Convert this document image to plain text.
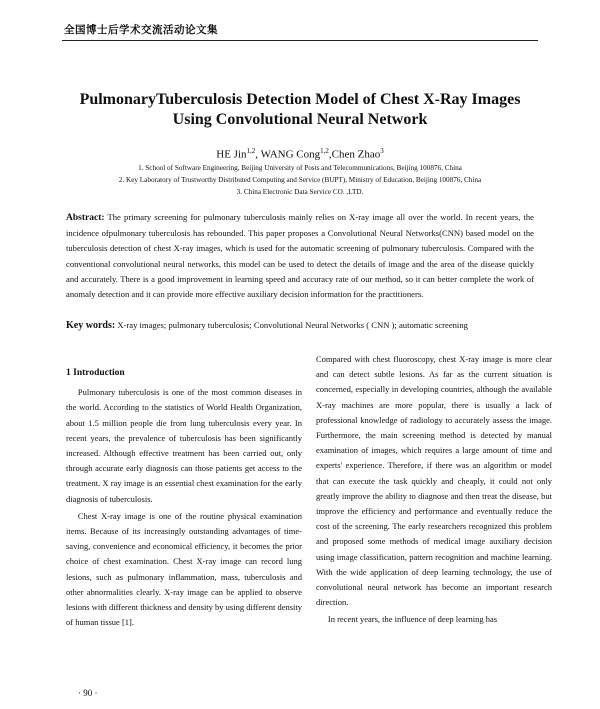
全国博士后学术交流活动论文集
PulmonaryTuberculosis Detection Model of Chest X-Ray Images
Using Convolutional Neural Network
HE Jin$^{1,2}$, WANG Cong$^{1,2}$,Chen Zhao$^3$
1. School of Software Engineering, Beijing University of Posts and Telecommunications, Beijing 100876, China
2. Key Laboratory of Trustworthy Distributed Computing and Service (BUPT), Ministry of Education, Beijing 100876, China
3. China Electronic Data Service CO. ,LTD.
Abstract: The primary screening for pulmonary tuberculosis mainly relies on X-ray image all over the world. In recent years, the incidence ofpulmonary tuberculosis has rebounded. This paper proposes a Convolutional Neural Networks(CNN) based model on the tuberculosis detection of chest X-ray images, which is used for the automatic screening of pulmonary tuberculosis. Compared with the conventional convolutional neural networks, this model can be used to detect the details of image and the area of the disease quickly and accurately. There is a good improvement in learning speed and accuracy rate of our method, so it can better complete the work of anomaly detection and it can provide more effective auxiliary decision information for the practitioners.
Key words: X-ray images; pulmonary tuberculosis; Convolutional Neural Networks ( CNN ); automatic screening
1 Introduction

Pulmonary tuberculosis is one of the most common diseases in the world. According to the statistics of World Health Organization, about 1.5 million people die from lung tuberculosis every year. In recent years, the prevalence of tuberculosis has been significantly increased. Although effective treatment has been carried out, only through accurate early diagnosis can those patients get access to the treatment. X ray image is an essential chest examination for the early diagnosis of tuberculosis.

Chest X-ray image is one of the routine physical examination items. Because of its increasingly outstanding advantages of time-saving, convenience and economical efficiency, it becomes the prior choice of chest examination. Chest X-ray image can record lung lesions, such as pulmonary inflammation, mass, tuberculosis and other abnormalities clearly. X-ray image can be applied to observe lesions with different thickness and density by using different density of human tissue [1].

Compared with chest fluoroscopy, chest X-ray image is more clear and can detect subtle lesions. As far as the current situation is concerned, especially in developing countries, although the available X-ray machines are more popular, there is usually a lack of professional knowledge of radiology to accurately assess the image. Furthermore, the main screening method is detected by manual examination of images, which requires a large amount of time and experts' experience. Therefore, if there was an algorithm or model that can execute the task quickly and cheaply, it could not only greatly improve the ability to diagnose and then treat the disease, but improve the efficiency and performance and eventually reduce the cost of the screening. The early researchers recognized this problem and proposed some methods of medical image auxiliary decision using image classification, pattern recognition and machine learning. With the wide application of deep learning technology, the use of convolutional neural network has become an important research direction.

In recent years, the influence of deep learning has

· 90 ·
